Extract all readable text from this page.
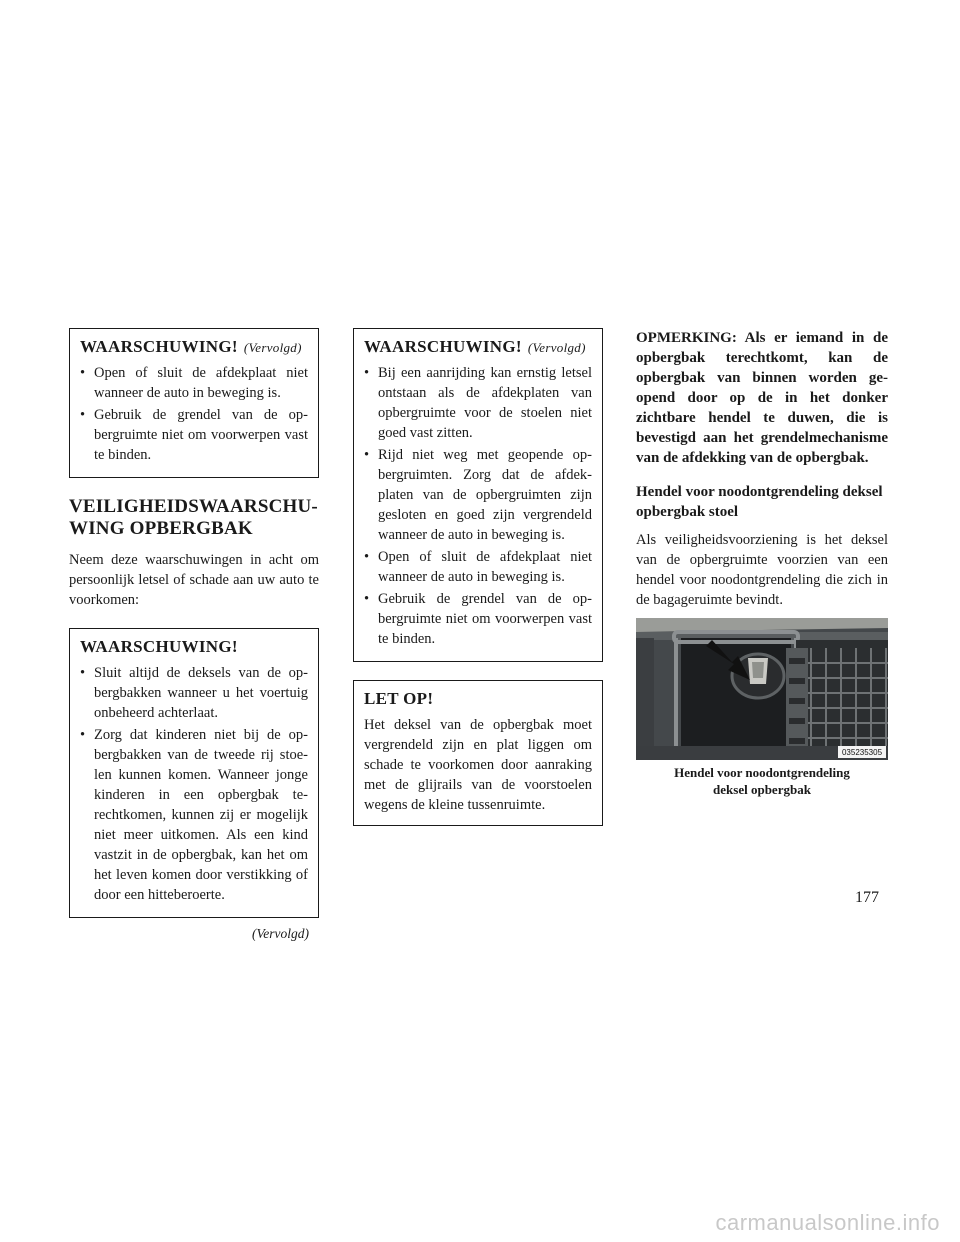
WAARSCHUWING! (Vervolgd)
• Open of sluit de afdekplaat niet wanneer de auto in beweging is.
• Gebruik de grendel van de opbergruimte niet om voorwerpen vast te binden.
VEILIGHEIDSWAARSCHUWING OPBERGBAK

Neem deze waarschuwingen in acht om persoonlijk letsel of schade aan uw auto te voorkomen:

WAARSCHUWING!
• Sluit altijd de deksels van de opbergbakken wanneer u het voertuig onbeheerd achterlaat.
• Zorg dat kinderen niet bij de opbergbakken van de tweede rij stoelen kunnen komen. Wanneer jonge kinderen in een opbergbak terechtkomen, kunnen zij er mogelijk niet meer uitkomen. Als een kind vastzit in de opbergbak, kan het om het leven komen door verstikking of door een hitteberoerte.
(Vervolgd)
WAARSCHUWING! (Vervolgd)
• Bij een aanrijding kan ernstig letsel ontstaan als de afdekplaten van opbergruimte voor de stoelen niet goed vast zitten.
• Rijd niet weg met geopende opbergruimten. Zorg dat de afdekplaten van de opbergruimten zijn gesloten en goed zijn vergrendeld wanneer de auto in beweging is.
• Open of sluit de afdekplaat niet wanneer de auto in beweging is.
• Gebruik de grendel van de opbergruimte niet om voorwerpen vast te binden.
LET OP!

Het deksel van de opbergbak moet vergrendeld zijn en plat liggen om schade te voorkomen door aanraking met de glijrails van de voorstoelen wegens de kleine tussenruimte.

OPMERKING: Als er iemand in de opbergbak terechtkomt, kan de opbergbak van binnen worden geopend door op de in het donker zichtbare hendel te duwen, die is bevestigd aan het grendelmechanisme van de afdekking van de opbergbak.

Hendel voor noodontgrendeling deksel opbergbak stoel

Als veiligheidsvoorziening is het deksel van de opbergruimte voorzien van een hendel voor noodontgrendeling die zich in de bagageruimte bevindt.

035235305
Hendel voor noodontgrendeling
deksel opbergbak
177
carmanualsonline.info
